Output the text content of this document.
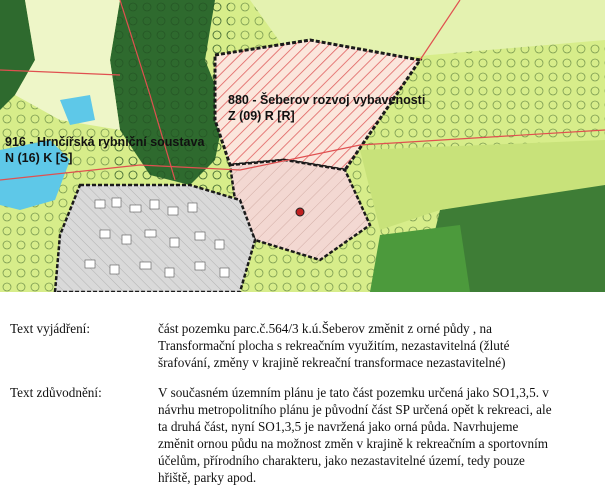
880 - Šeberov rozvoj vybavenosti
Z (09) R [R]
916 - Hrnčířská rybniční soustava
N (16) K [S]
Text vyjádření:	část pozemku parc.č.564/3 k.ú.Šeberov změnit z orné půdy , na
Transformační plocha s rekreačním využitím, nezastavitelná (žluté
šrafování, změny v krajině rekreační transformace nezastavitelné)
Text zdůvodnění:	V současném územním plánu je tato část pozemku určená jako SO1,3,5. v
návrhu metropolitního plánu je původní část SP určená opět k rekreaci, ale
ta druhá část, nyní SO1,3,5 je navržená jako orná půda. Navrhujeme
změnit ornou půdu na možnost změn v krajině k rekreačním a sportovním
účelům, přírodního charakteru, jako nezastavitelné území, tedy pouze
hřiště, parky apod.
